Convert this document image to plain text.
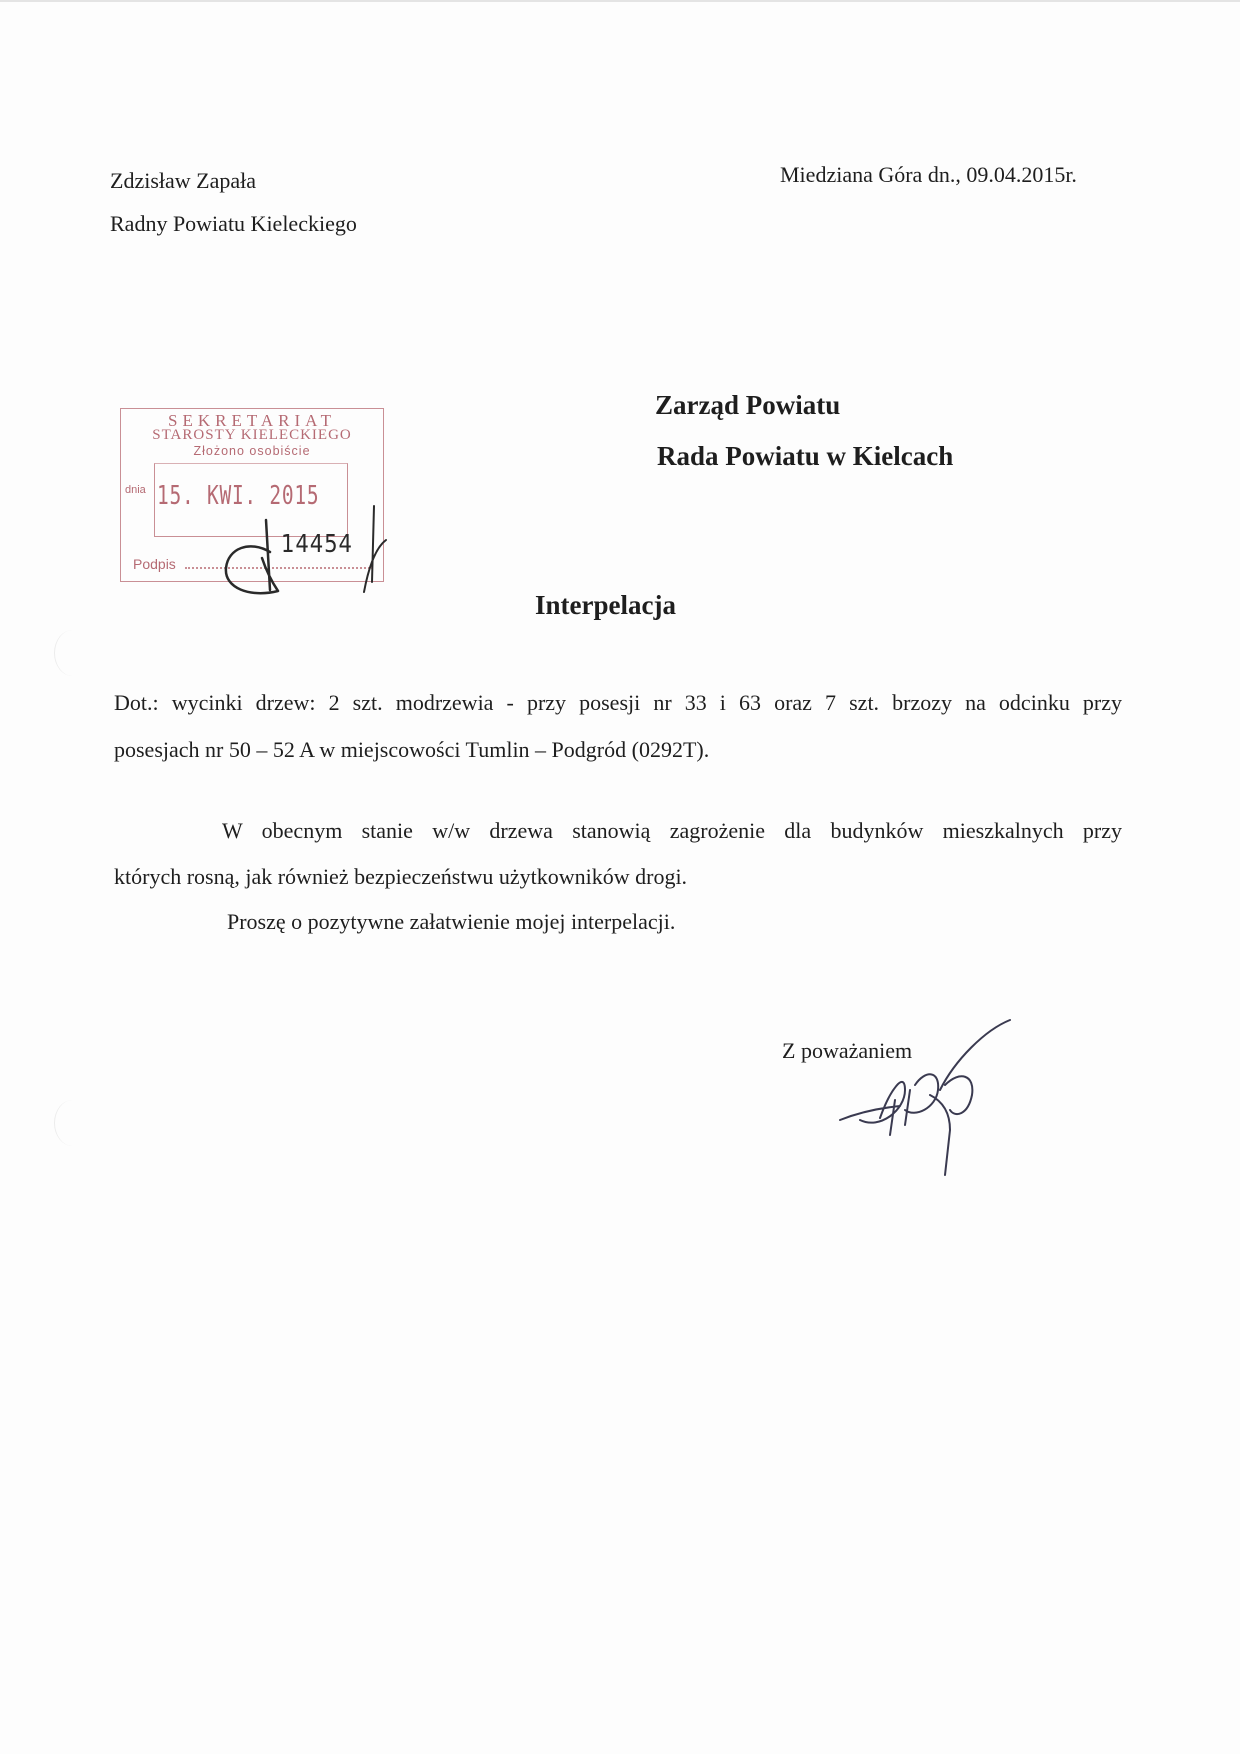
Zdzisław Zapała
Radny Powiatu Kieleckiego
Miedziana Góra dn., 09.04.2015r.
Zarząd Powiatu
Rada Powiatu w Kielcach
SEKRETARIAT
STAROSTY KIELECKIEGO
Złożono osobiście
dnia 15. KWI. 2015
Podpis
14454
Interpelacja
Dot.: wycinki drzew: 2 szt. modrzewia - przy posesji nr 33 i 63 oraz 7 szt. brzozy na odcinku przy
posesjach nr 50 – 52 A w miejscowości Tumlin – Podgród (0292T).
W obecnym stanie w/w drzewa stanowią zagrożenie dla budynków mieszkalnych przy
których rosną, jak również bezpieczeństwu użytkowników drogi.
Proszę o pozytywne załatwienie mojej interpelacji.
Z poważaniem
